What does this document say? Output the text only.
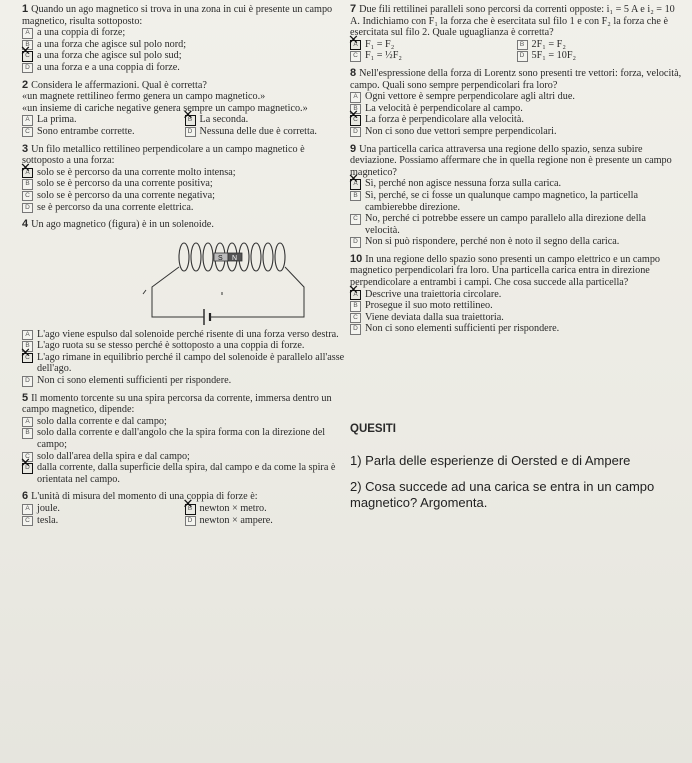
1 Quando un ago magnetico si trova in una zona in cui è presente un campo magnetico, risulta sottoposto:

A a una coppia di forze;
a una forza che agisce sul polo nord;
C ✕ a una forza che agisce sul polo sud;
D a una forza e a una coppia di forze.

2 Considera le affermazioni. Qual è corretta?

«un magnete rettilineo fermo genera un campo magnetico.»

«un insieme di cariche negative genera sempre un campo magnetico.»

A La prima.	B ✕ La seconda.
C Sono entrambe corrette.	D Nessuna delle due è corretta.

3 Un filo metallico rettilineo perpendicolare a un campo magnetico è sottoposto a una forza:

A ✕ solo se è percorso da una corrente molto intensa;
B solo se è percorso da una corrente positiva;
C solo se è percorso da una corrente negativa;
D se è percorso da una corrente elettrica.

4 Un ago magnetico (figura) è in un solenoide.

S N
A L'ago viene espulso dal solenoide perché risente di una forza verso destra.
L'ago ruota su se stesso perché è sottoposto a una coppia di forze.
C ✕ L'ago rimane in equilibrio perché il campo del solenoide è parallelo all'asse dell'ago.
D Non ci sono elementi sufficienti per rispondere.

5 Il momento torcente su una spira percorsa da corrente, immersa dentro un campo magnetico, dipende:

A solo dalla corrente e dal campo;
B solo dalla corrente e dall'angolo che la spira forma con la direzione del campo;
solo dall'area della spira e dal campo;
D ✕ dalla corrente, dalla superficie della spira, dal campo e da come la spira è orientata nel campo.

6 L'unità di misura del momento di una coppia di forze è:

A joule.	B ✕ newton × metro.
C tesla.	D newton × ampere.

7 Due fili rettilinei paralleli sono percorsi da correnti opposte: i₁ = 5 A e i₂ = 10 A. Indichiamo con F₁ la forza che è esercitata sul filo 1 e con F₂ la forza che è esercitata sul filo 2. Quale uguaglianza è corretta?

A ✕ F₁ = F₂	B 2F₁ = F₂
C F₁ = ½F₂	D 5F₁ = 10F₂

8 Nell'espressione della forza di Lorentz sono presenti tre vettori: forza, velocità, campo. Quali sono sempre perpendicolari fra loro?

A Ogni vettore è sempre perpendicolare agli altri due.
La velocità è perpendicolare al campo.
C ✕ La forza è perpendicolare alla velocità.
D Non ci sono due vettori sempre perpendicolari.

9 Una particella carica attraversa una regione dello spazio, senza subire deviazione. Possiamo affermare che in quella regione non è presente un campo magnetico?

A ✕ Sì, perché non agisce nessuna forza sulla carica.
B Sì, perché, se ci fosse un qualunque campo magnetico, la particella cambierebbe direzione.
C No, perché ci potrebbe essere un campo parallelo alla direzione della velocità.
D Non si può rispondere, perché non è noto il segno della carica.

10 In una regione dello spazio sono presenti un campo elettrico e un campo magnetico perpendicolari fra loro. Una particella carica entra in direzione perpendicolare a entrambi i campi. Che cosa succede alla particella?

A ✕ Descrive una traiettoria circolare.
B Prosegue il suo moto rettilineo.
C Viene deviata dalla sua traiettoria.
D Non ci sono elementi sufficienti per rispondere.

QUESITI

1) Parla delle esperienze di Oersted e di Ampere

2) Cosa succede ad una carica se entra in un campo magnetico? Argomenta.
